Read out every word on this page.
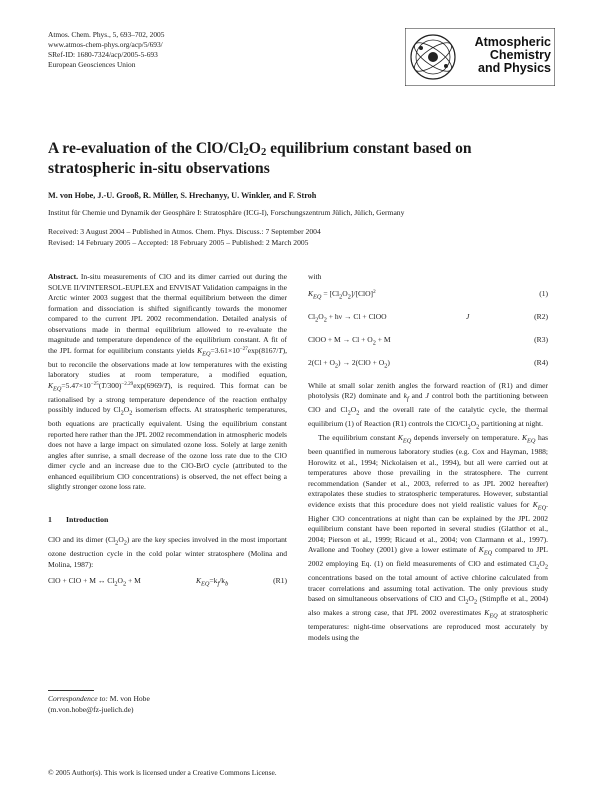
Atmos. Chem. Phys., 5, 693–702, 2005
www.atmos-chem-phys.org/acp/5/693/
SRef-ID: 1680-7324/acp/2005-5-693
European Geosciences Union
Atmospheric
Chemistry
and Physics
A re-evaluation of the ClO/$Cl_2O_2$ equilibrium constant based on
stratospheric in-situ observations
M. von Hobe, J.-U. Grooß, R. Müller, S. Hrechanyy, U. Winkler, and F. Stroh
Institut für Chemie und Dynamik der Geosphäre I: Stratosphäre (ICG-I), Forschungszentrum Jülich, Jülich, Germany
Received: 3 August 2004 – Published in Atmos. Chem. Phys. Discuss.: 7 September 2004
Revised: 14 February 2005 – Accepted: 18 February 2005 – Published: 2 March 2005

Abstract. In-situ measurements of ClO and its dimer carried out during the SOLVE II/VINTERSOL-EUPLEX and ENVISAT Validation campaigns in the Arctic winter 2003 suggest that the thermal equilibrium between the dimer formation and dissociation is shifted significantly towards the monomer compared to the current JPL 2002 recommendation. Detailed analysis of observations made in thermal equilibrium allowed to re-evaluate the magnitude and temperature dependence of the equilibrium constant. A fit of the JPL format for equilibrium constants yields $K_{EQ}=3.61\times 10^{-27}\exp(8167/T)$, but to reconcile the observations made at low temperatures with the existing laboratory studies at room temperature, a modified equation, $K_{EQ}=5.47\times 10^{-25}(T/300)^{-2.29}\exp(6969/T)$, is required. This format can be rationalised by a strong temperature dependence of the reaction enthalpy possibly induced by $Cl_2O_2$ isomerism effects. At stratospheric temperatures, both equations are practically equivalent. Using the equilibrium constant reported here rather than the JPL 2002 recommendation in atmospheric models does not have a large impact on simulated ozone loss. Solely at large zenith angles after sunrise, a small decrease of the ozone loss rate due to the ClO dimer cycle and an increase due to the ClO-BrO cycle (attributed to the enhanced equilibrium ClO concentrations) is observed, the net effect being a slightly stronger ozone loss rate.

1 Introduction

ClO and its dimer $(Cl_2O_2)$ are the key species involved in the most important ozone destruction cycle in the cold polar winter stratosphere (Molina and Molina, 1987):

ClO + ClO + M ↔ $Cl_2O_2 + M$	$K_{EQ}=k_f/k_b$	(R1)
Correspondence to: M. von Hobe
(m.von.hobe@fz-juelich.de)

with

$K_{EQ} = [Cl_2O_2]/[ClO]^2$	(1)
$Cl_2O_2 + h\nu \to Cl$ + ClOO	J	(R2)
ClOO + $M \to Cl + O_2 + M$	(R3)
$2(Cl + O_2) \to 2(ClO + O_2)$	(R4)

While at small solar zenith angles the forward reaction of (R1) and dimer photolysis (R2) dominate and $k_f$ and J control both the partitioning between ClO and $Cl_2O_2$ and the overall rate of the catalytic cycle, the thermal equilibrium (1) of Reaction (R1) controls the ClO/$Cl_2O_2$ partitioning at night.

The equilibrium constant $K_{EQ}$ depends inversely on temperature. $K_{EQ}$ has been quantified in numerous laboratory studies (e.g. Cox and Hayman, 1988; Horowitz et al., 1994; Nickolaisen et al., 1994), but all were carried out at temperatures above those prevailing in the stratosphere. The current recommendation (Sander et al., 2003, referred to as JPL 2002 hereafter) extrapolates these studies to stratospheric temperatures. However, substantial evidence exists that this procedure does not yield realistic values for $K_{EQ}$. Higher ClO concentrations at night than can be explained by the JPL 2002 equilibrium constant have been reported in several studies (Glatthor et al., 2004; Pierson et al., 1999; Ricaud et al., 2004; von Clarmann et al., 1997). Avallone and Toohey (2001) give a lower estimate of $K_{EQ}$ compared to JPL 2002 employing Eq. (1) on field measurements of ClO and estimated $Cl_2O_2$ concentrations based on the total amount of active chlorine calculated from tracer correlations and assuming total activation. The only previous study based on simultaneous observations of ClO and $Cl_2O_2$ (Stimpfle et al., 2004) also makes a strong case, that JPL 2002 overestimates $K_{EQ}$ at stratospheric temperatures: night-time observations are reproduced most accurately by models using the

© 2005 Author(s). This work is licensed under a Creative Commons License.
